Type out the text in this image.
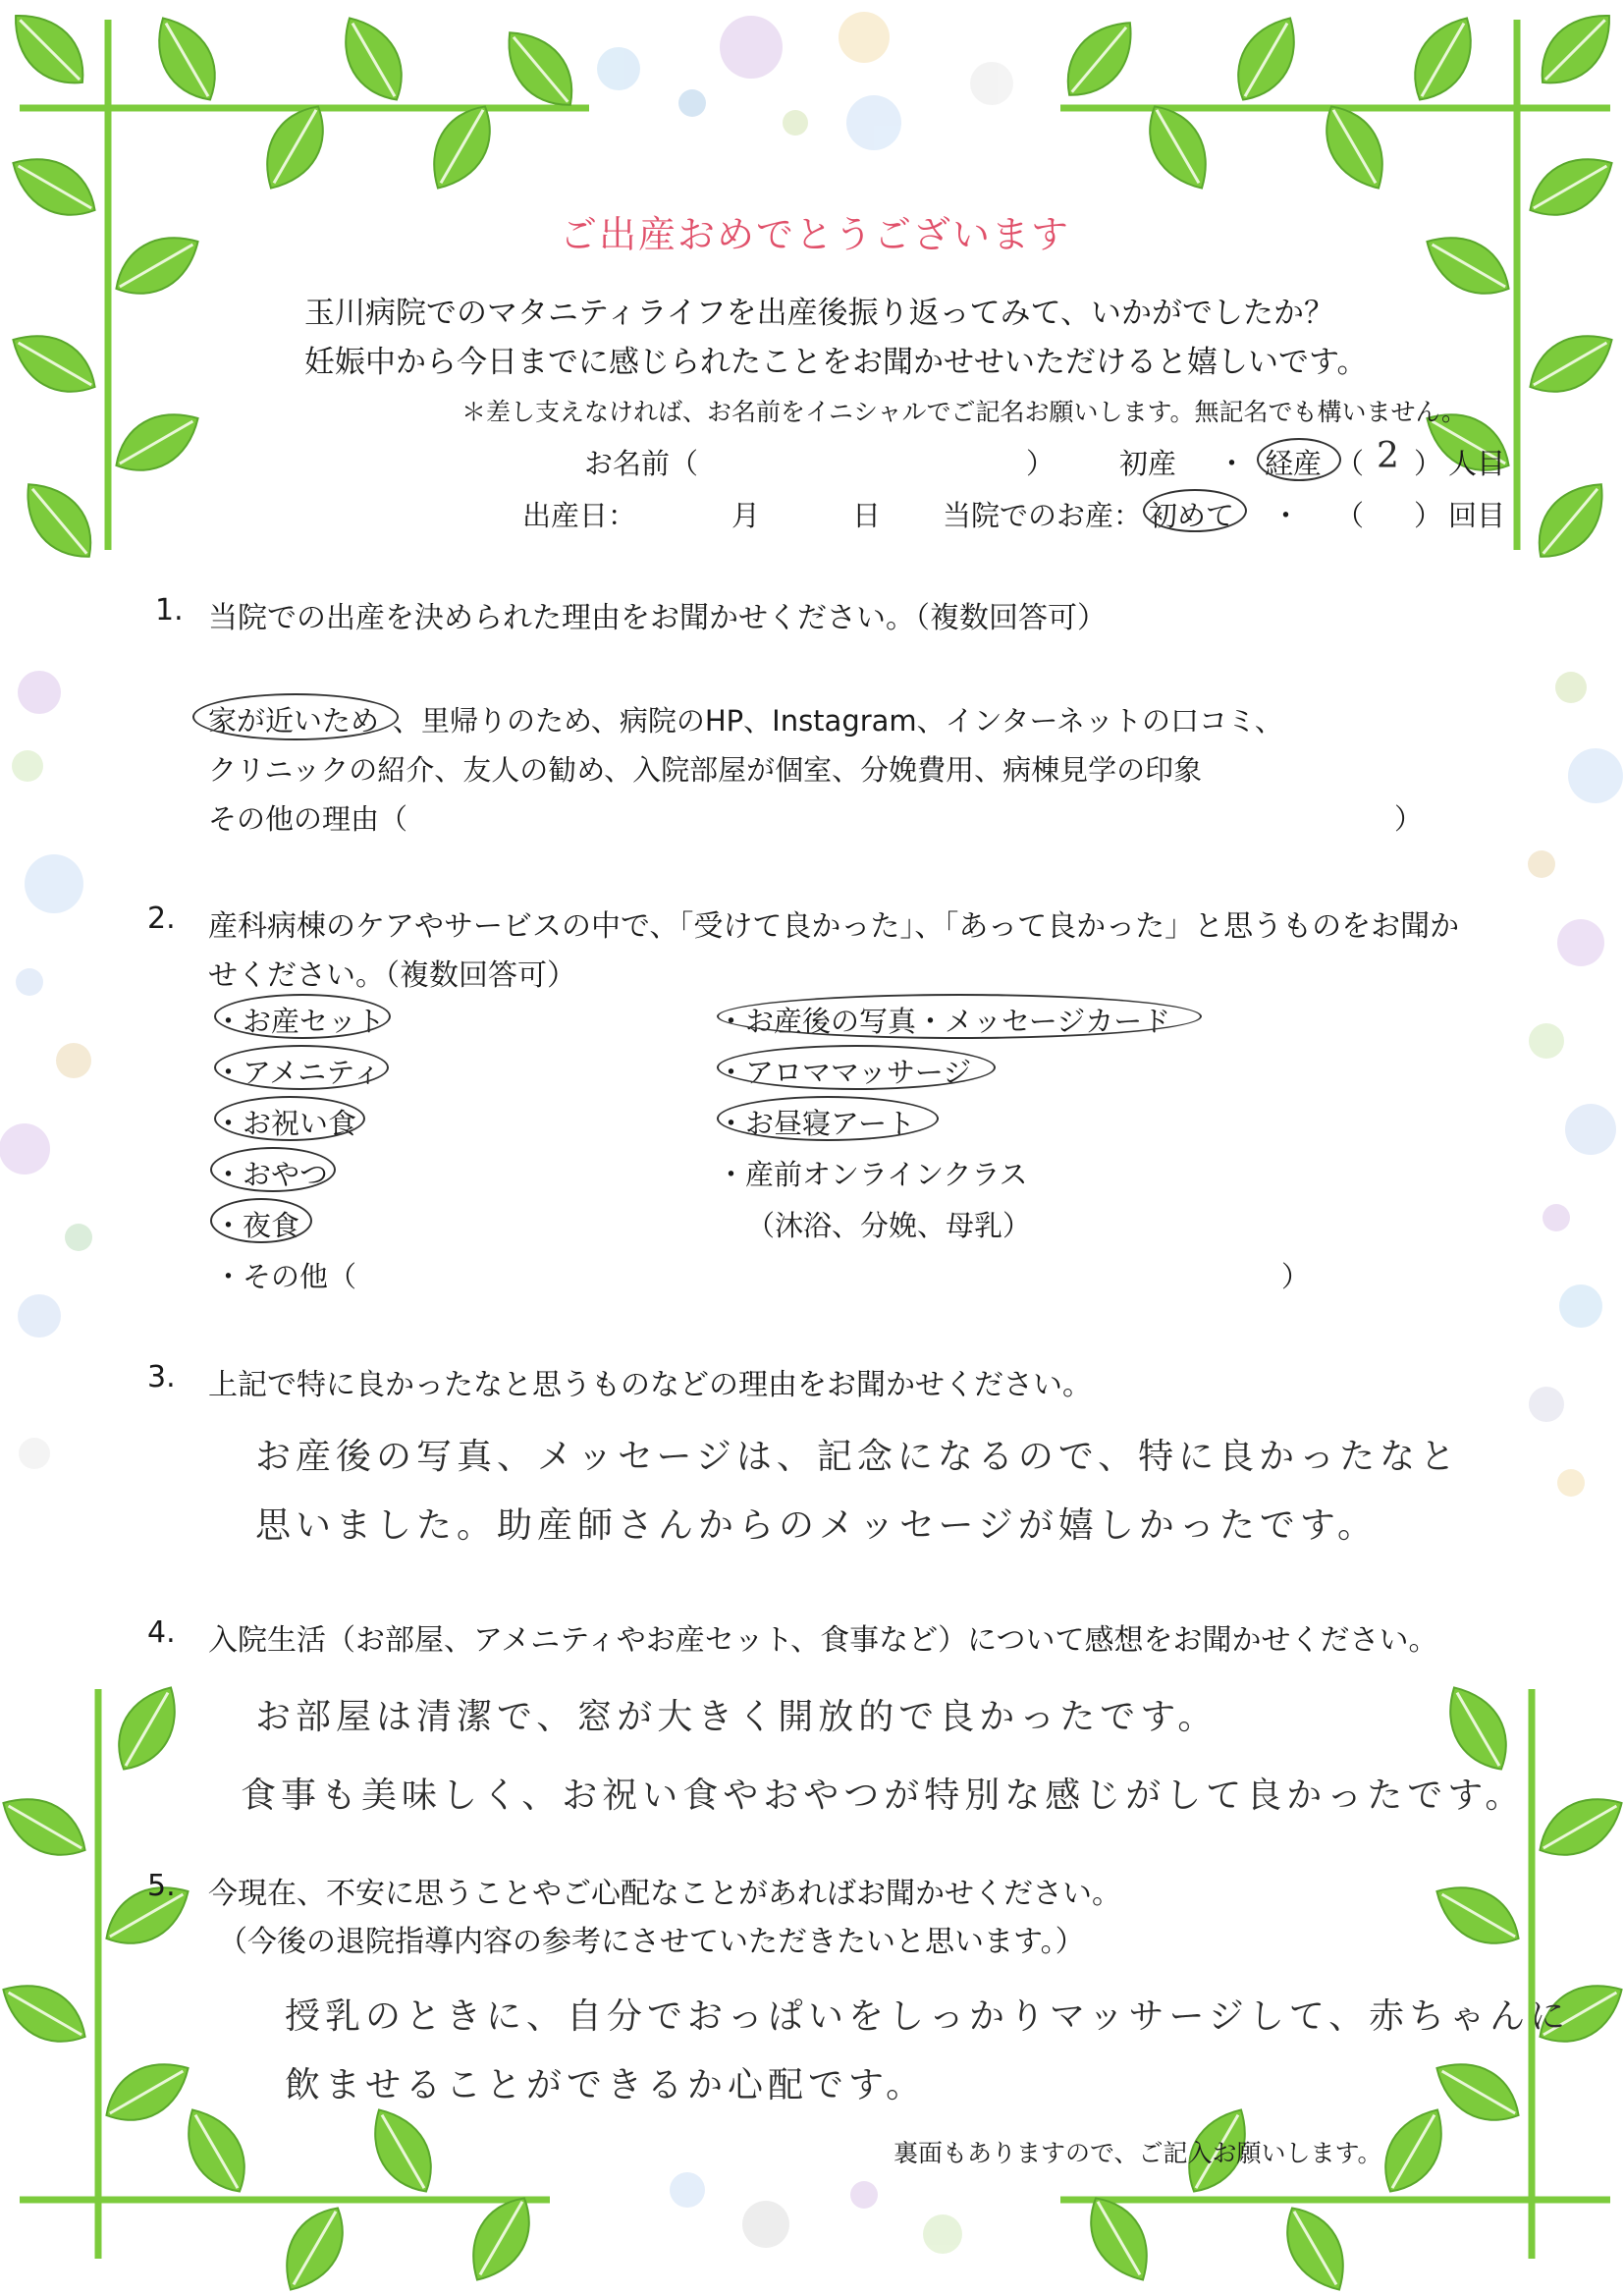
ご出産おめでとうございます
玉川病院でのマタニティライフを出産後振り返ってみて、いかがでしたか？
妊娠中から今日までに感じられたことをお聞かせせいただけると嬉しいです。
＊差し支えなければ、お名前をイニシャルでご記名お願いします。無記名でも構いません。
お名前（	） 初産 ・ 経産 （ 2 ） 人目
出産日：	月	日 当院でのお産： 初めて ・ （ ） 回目
1. 当院での出産を決められた理由をお聞かせください。（複数回答可）
家が近いため 、里帰りのため、病院のHP、Instagram、インターネットの口コミ、
クリニックの紹介、友人の勧め、入院部屋が個室、分娩費用、病棟見学の印象
その他の理由（	）
2. 産科病棟のケアやサービスの中で、「受けて良かった」、「あって良かった」と思うものをお聞か
せください。（複数回答可）
・お産セット
・アメニティ
・お祝い食
・おやつ
・夜食
・その他（	）
・お産後の写真・メッセージカード
・アロママッサージ
・お昼寝アート
・産前オンラインクラス
（沐浴、分娩、母乳）
3. 上記で特に良かったなと思うものなどの理由をお聞かせください。
お産後の写真、メッセージは、記念になるので、特に良かったなと
思いました。助産師さんからのメッセージが嬉しかったです。
4. 入院生活（お部屋、アメニティやお産セット、食事など）について感想をお聞かせください。
お部屋は清潔で、窓が大きく開放的で良かったです。
食事も美味しく、お祝い食やおやつが特別な感じがして良かったです。
5. 今現在、不安に思うことやご心配なことがあればお聞かせください。
（今後の退院指導内容の参考にさせていただきたいと思います。）
授乳のときに、自分でおっぱいをしっかりマッサージして、赤ちゃんに
飲ませることができるか心配です。
裏面もありますので、ご記入お願いします。
